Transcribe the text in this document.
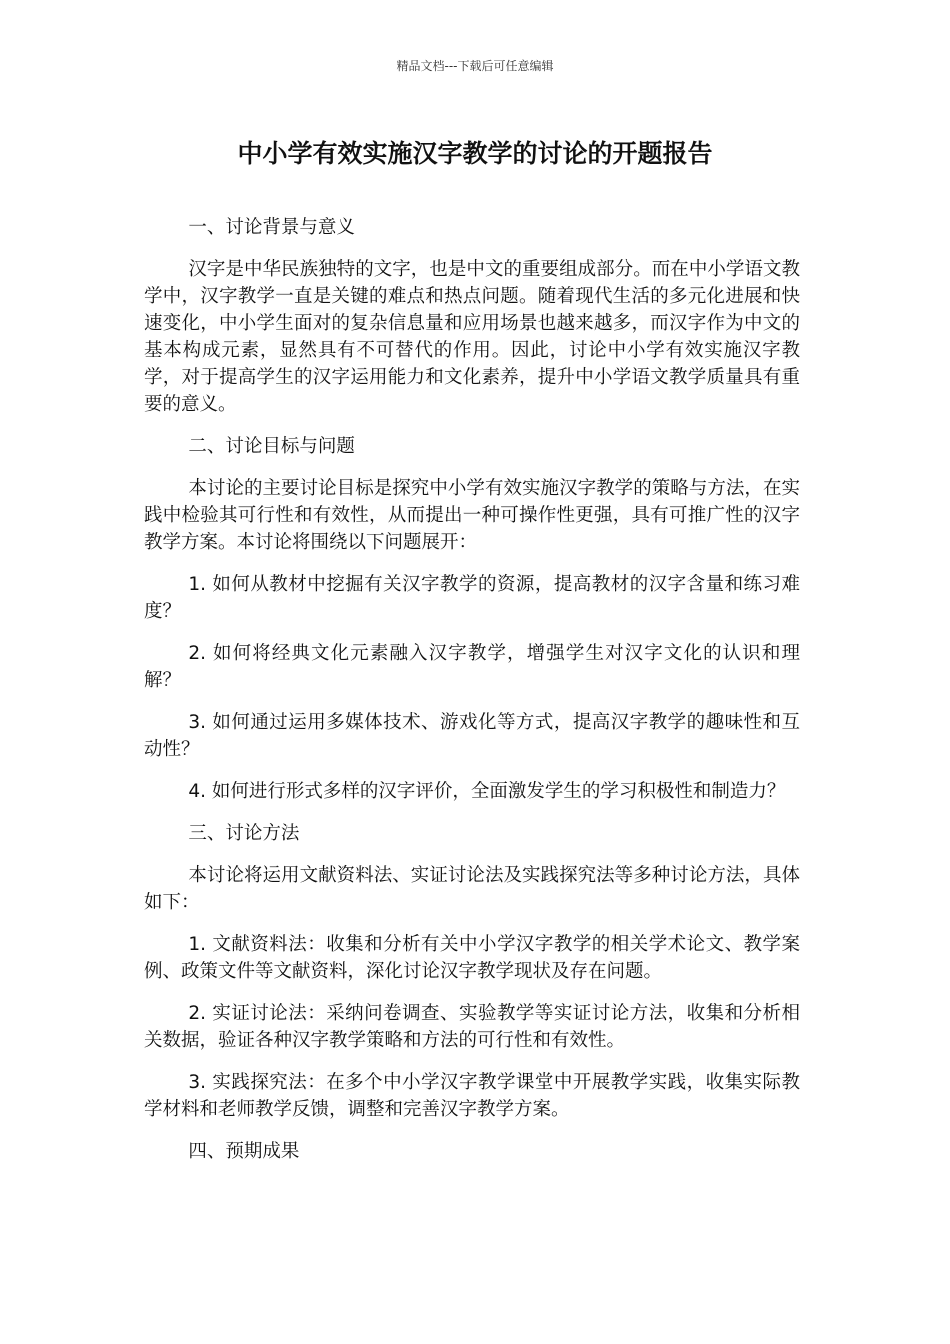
精品文档---下载后可任意编辑
中小学有效实施汉字教学的讨论的开题报告

一、讨论背景与意义

汉字是中华民族独特的文字，也是中文的重要组成部分。而在中小学语文教学中，汉字教学一直是关键的难点和热点问题。随着现代生活的多元化进展和快速变化，中小学生面对的复杂信息量和应用场景也越来越多，而汉字作为中文的基本构成元素，显然具有不可替代的作用。因此，讨论中小学有效实施汉字教学，对于提高学生的汉字运用能力和文化素养，提升中小学语文教学质量具有重要的意义。

二、讨论目标与问题

本讨论的主要讨论目标是探究中小学有效实施汉字教学的策略与方法，在实践中检验其可行性和有效性，从而提出一种可操作性更强，具有可推广性的汉字教学方案。本讨论将围绕以下问题展开：

1. 如何从教材中挖掘有关汉字教学的资源，提高教材的汉字含量和练习难度？

2. 如何将经典文化元素融入汉字教学，增强学生对汉字文化的认识和理解？

3. 如何通过运用多媒体技术、游戏化等方式，提高汉字教学的趣味性和互动性？

4. 如何进行形式多样的汉字评价，全面激发学生的学习积极性和制造力？

三、讨论方法

本讨论将运用文献资料法、实证讨论法及实践探究法等多种讨论方法，具体如下：

1. 文献资料法：收集和分析有关中小学汉字教学的相关学术论文、教学案例、政策文件等文献资料，深化讨论汉字教学现状及存在问题。

2. 实证讨论法：采纳问卷调查、实验教学等实证讨论方法，收集和分析相关数据，验证各种汉字教学策略和方法的可行性和有效性。

3. 实践探究法：在多个中小学汉字教学课堂中开展教学实践，收集实际教学材料和老师教学反馈，调整和完善汉字教学方案。

四、预期成果
